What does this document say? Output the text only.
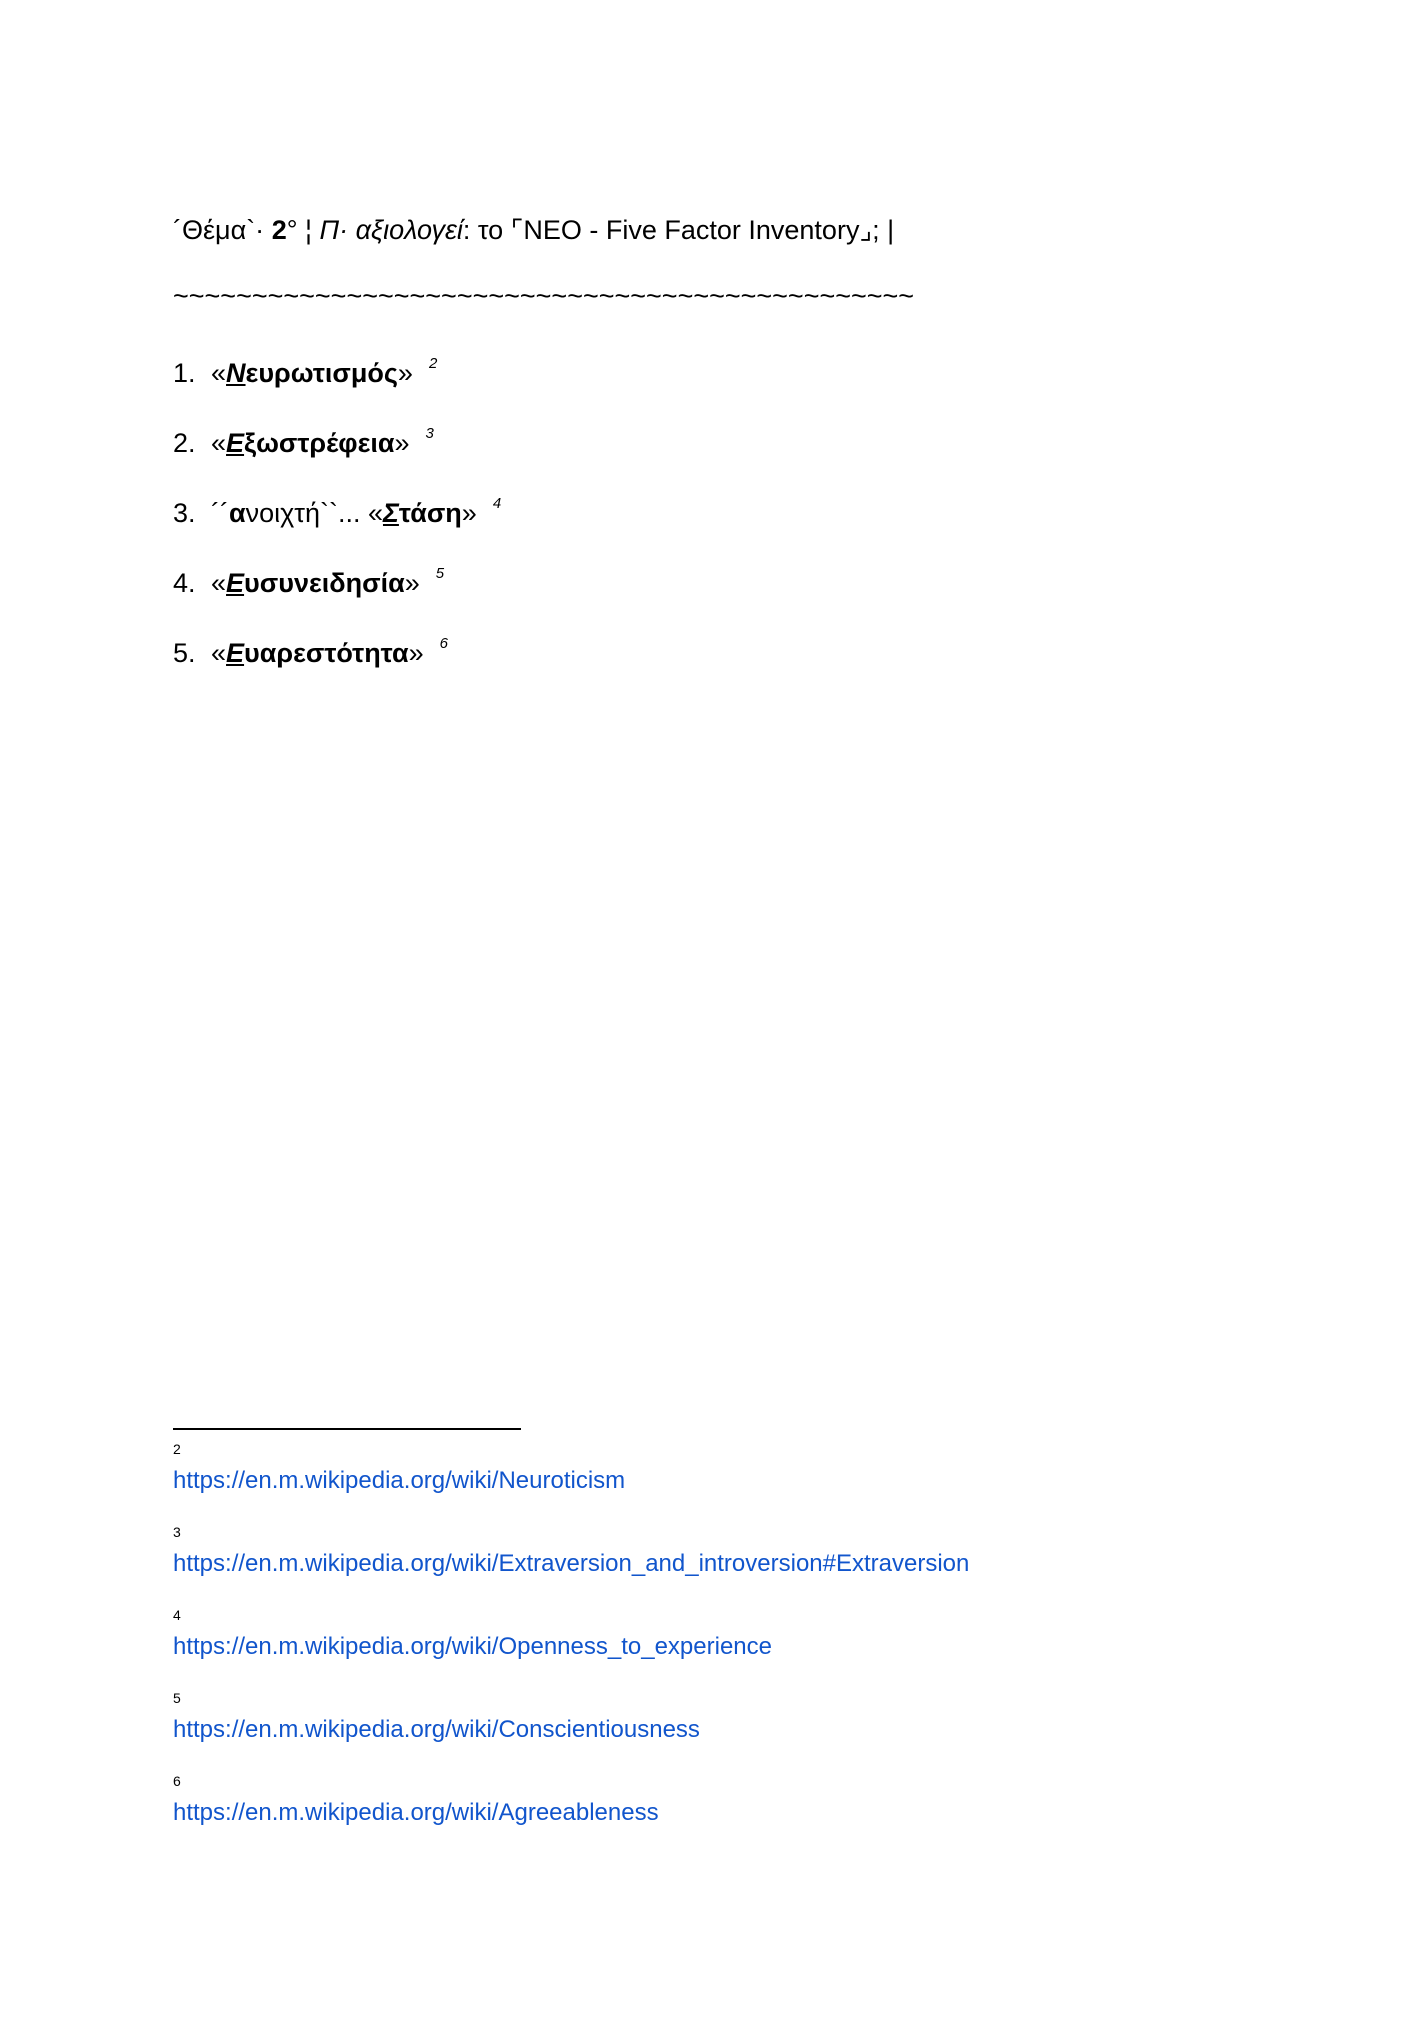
´Θέμα`· 2° ¦ Π· αξιολογεί: το ⌜NEO - Five Factor Inventory⌟; |
~~~~~~~~~~~~~~~~~~~~~~~~~~~~~~~~~~~~~~~~~~~~~~~
1. «Nευρωτισμός» $^2$
2. «Εξωστρέφεια» $^3$
3. ´´ανοιχτή``... «Στάση» $^4$
4. «Ευσυνειδησία» $^5$
5. «Ευαρεστότητα» $^6$
2
https://en.m.wikipedia.org/wiki/Neuroticism
3
https://en.m.wikipedia.org/wiki/Extraversion_and_introversion#Extraversion
4
https://en.m.wikipedia.org/wiki/Openness_to_experience
5
https://en.m.wikipedia.org/wiki/Conscientiousness
6
https://en.m.wikipedia.org/wiki/Agreeableness
